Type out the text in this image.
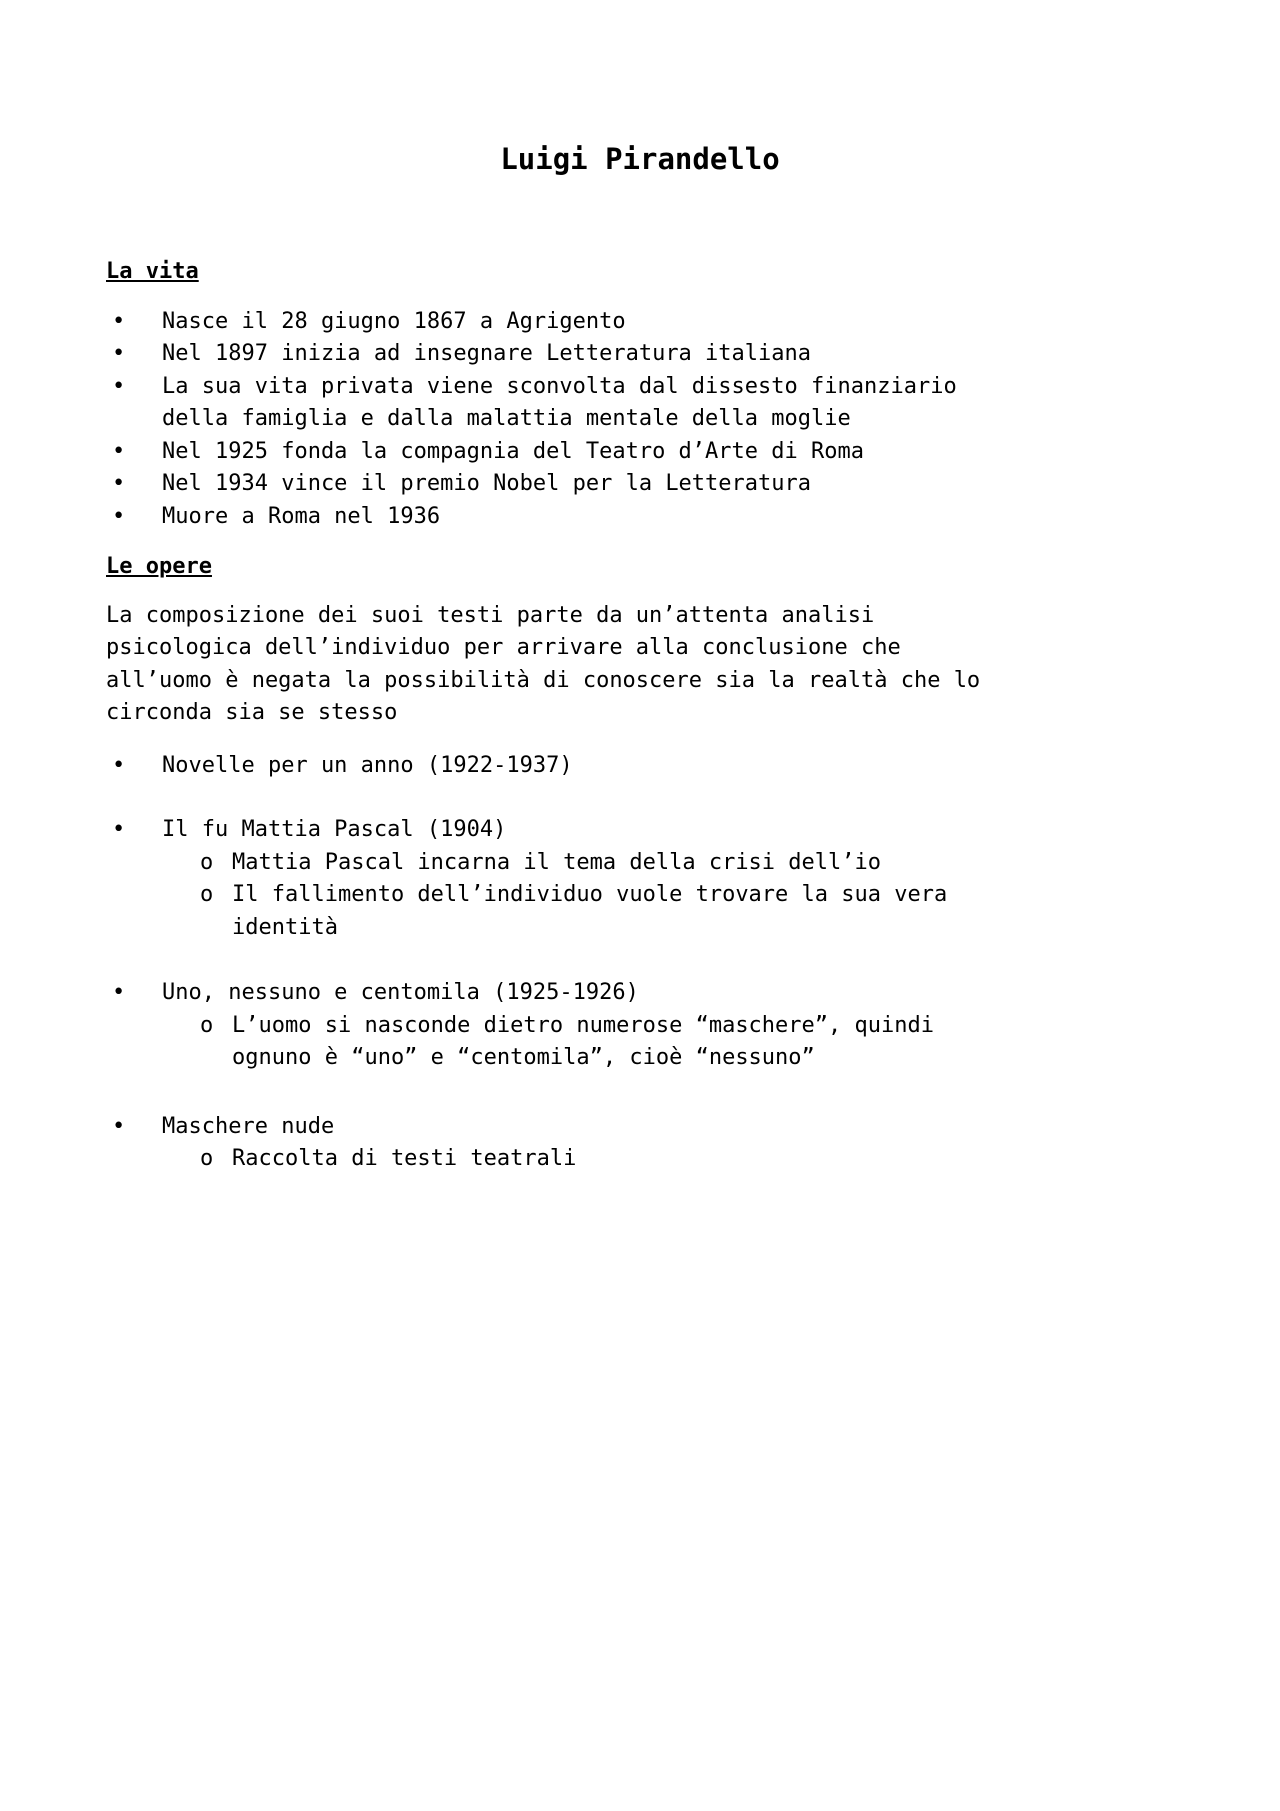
Luigi Pirandello
La vita
• Nasce il 28 giugno 1867 a Agrigento
• Nel 1897 inizia ad insegnare Letteratura italiana
• La sua vita privata viene sconvolta dal dissesto finanziario della famiglia e dalla malattia mentale della moglie
• Nel 1925 fonda la compagnia del Teatro d’Arte di Roma
• Nel 1934 vince il premio Nobel per la Letteratura
• Muore a Roma nel 1936
Le opere

La composizione dei suoi testi parte da un’attenta analisi psicologica dell’individuo per arrivare alla conclusione che all’uomo è negata la possibilità di conoscere sia la realtà che lo circonda sia se stesso

• Novelle per un anno (1922-1937)
• Il fu Mattia Pascal (1904)
o Mattia Pascal incarna il tema della crisi dell’io
o Il fallimento dell’individuo vuole trovare la sua vera identità
• Uno, nessuno e centomila (1925-1926)
o L’uomo si nasconde dietro numerose “maschere”, quindi ognuno è “uno” e “centomila”, cioè “nessuno”
• Maschere nude
o Raccolta di testi teatrali
